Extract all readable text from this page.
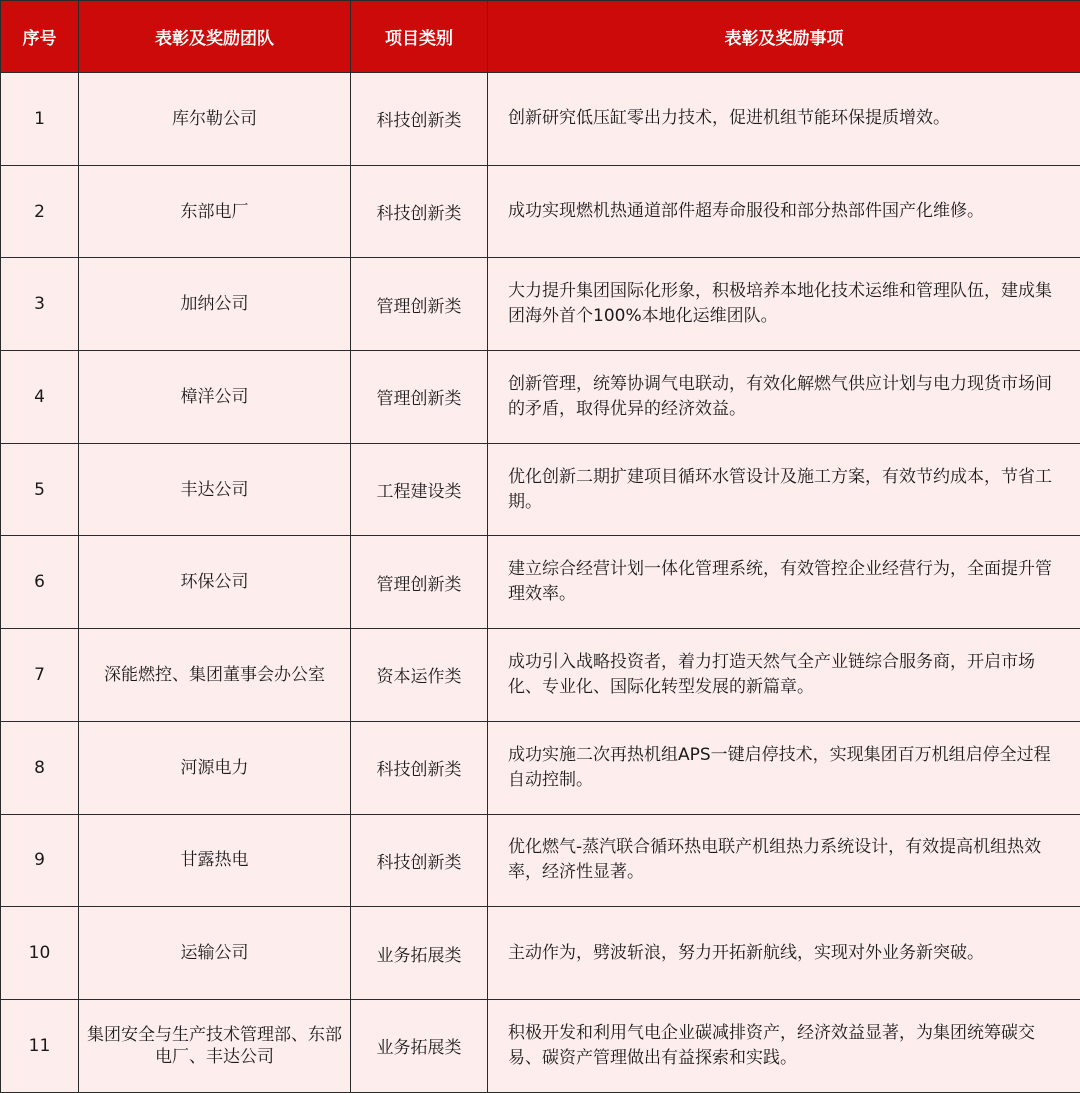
序号	表彰及奖励团队	项目类别	表彰及奖励事项
1	库尔勒公司	科技创新类	创新研究低压缸零出力技术，促进机组节能环保提质增效。
2	东部电厂	科技创新类	成功实现燃机热通道部件超寿命服役和部分热部件国产化维修。
3	加纳公司	管理创新类	大力提升集团国际化形象，积极培养本地化技术运维和管理队伍，建成集团海外首个100%本地化运维团队。
4	樟洋公司	管理创新类	创新管理，统筹协调气电联动，有效化解燃气供应计划与电力现货市场间的矛盾，取得优异的经济效益。
5	丰达公司	工程建设类	优化创新二期扩建项目循环水管设计及施工方案，有效节约成本，节省工期。
6	环保公司	管理创新类	建立综合经营计划一体化管理系统，有效管控企业经营行为，全面提升管理效率。
7	深能燃控、集团董事会办公室	资本运作类	成功引入战略投资者，着力打造天然气全产业链综合服务商，开启市场化、专业化、国际化转型发展的新篇章。
8	河源电力	科技创新类	成功实施二次再热机组APS一键启停技术，实现集团百万机组启停全过程自动控制。
9	甘露热电	科技创新类	优化燃气-蒸汽联合循环热电联产机组热力系统设计，有效提高机组热效率，经济性显著。
10	运输公司	业务拓展类	主动作为，劈波斩浪，努力开拓新航线，实现对外业务新突破。
11	集团安全与生产技术管理部、东部电厂、丰达公司	业务拓展类	积极开发和利用气电企业碳减排资产，经济效益显著，为集团统筹碳交易、碳资产管理做出有益探索和实践。
